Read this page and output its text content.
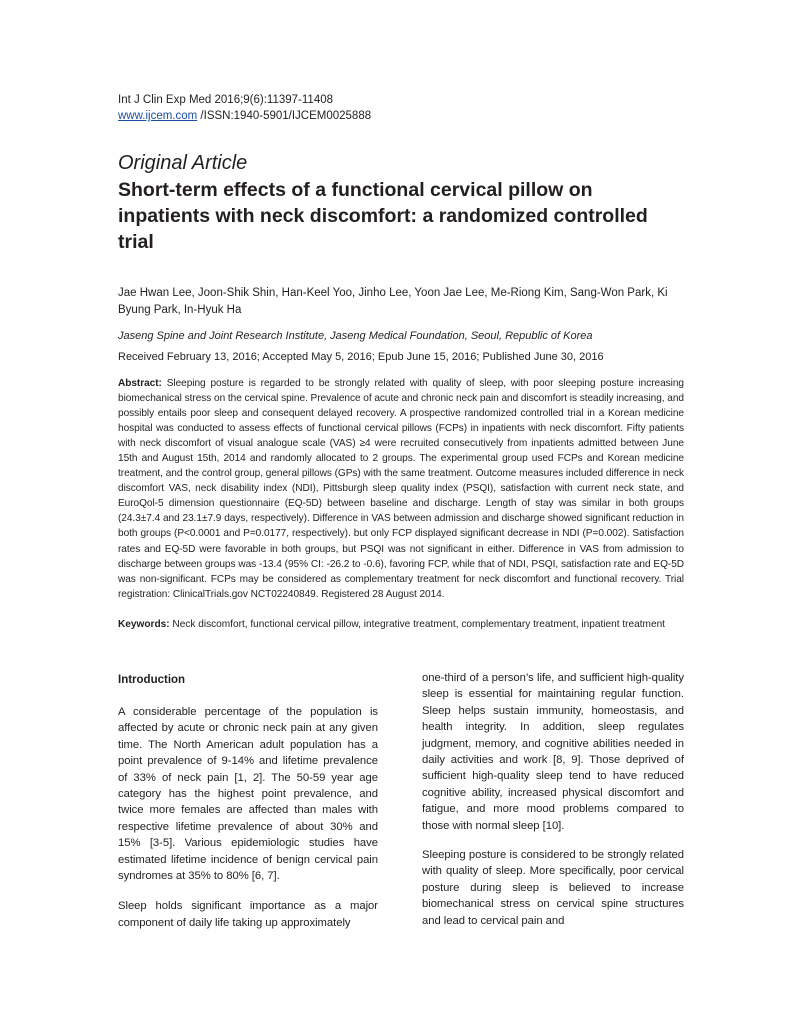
Int J Clin Exp Med 2016;9(6):11397-11408
www.ijcem.com /ISSN:1940-5901/IJCEM0025888
Original Article
Short-term effects of a functional cervical pillow on inpatients with neck discomfort: a randomized controlled trial
Jae Hwan Lee, Joon-Shik Shin, Han-Keel Yoo, Jinho Lee, Yoon Jae Lee, Me-Riong Kim, Sang-Won Park, Ki Byung Park, In-Hyuk Ha
Jaseng Spine and Joint Research Institute, Jaseng Medical Foundation, Seoul, Republic of Korea
Received February 13, 2016; Accepted May 5, 2016; Epub June 15, 2016; Published June 30, 2016
Abstract: Sleeping posture is regarded to be strongly related with quality of sleep, with poor sleeping posture increasing biomechanical stress on the cervical spine. Prevalence of acute and chronic neck pain and discomfort is steadily increasing, and possibly entails poor sleep and consequent delayed recovery. A prospective randomized controlled trial in a Korean medicine hospital was conducted to assess effects of functional cervical pillows (FCPs) in inpatients with neck discomfort. Fifty patients with neck discomfort of visual analogue scale (VAS) ≥4 were recruited consecutively from inpatients admitted between June 15th and August 15th, 2014 and randomly allocated to 2 groups. The experimental group used FCPs and Korean medicine treatment, and the control group, general pillows (GPs) with the same treatment. Outcome measures included difference in neck discomfort VAS, neck disability index (NDI), Pittsburgh sleep quality index (PSQI), satisfaction with current neck state, and EuroQol-5 dimension questionnaire (EQ-5D) between baseline and discharge. Length of stay was similar in both groups (24.3±7.4 and 23.1±7.9 days, respectively). Difference in VAS between admission and discharge showed significant reduction in both groups (P<0.0001 and P=0.0177, respectively). but only FCP displayed significant decrease in NDI (P=0.002). Satisfaction rates and EQ-5D were favorable in both groups, but PSQI was not significant in either. Difference in VAS from admission to discharge between groups was -13.4 (95% CI: -26.2 to -0.6), favoring FCP, while that of NDI, PSQI, satisfaction rate and EQ-5D was non-significant. FCPs may be considered as complementary treatment for neck discomfort and functional recovery. Trial registration: ClinicalTrials.gov NCT02240849. Registered 28 August 2014.
Keywords: Neck discomfort, functional cervical pillow, integrative treatment, complementary treatment, inpatient treatment
Introduction

A considerable percentage of the population is affected by acute or chronic neck pain at any given time. The North American adult population has a point prevalence of 9-14% and lifetime prevalence of 33% of neck pain [1, 2]. The 50-59 year age category has the highest point prevalence, and twice more females are affected than males with respective lifetime prevalence of about 30% and 15% [3-5]. Various epidemiologic studies have estimated lifetime incidence of benign cervical pain syndromes at 35% to 80% [6, 7].

Sleep holds significant importance as a major component of daily life taking up approximately

one-third of a person’s life, and sufficient high-quality sleep is essential for maintaining regular function. Sleep helps sustain immunity, homeostasis, and health integrity. In addition, sleep regulates judgment, memory, and cognitive abilities needed in daily activities and work [8, 9]. Those deprived of sufficient high-quality sleep tend to have reduced cognitive ability, increased physical discomfort and fatigue, and more mood problems compared to those with normal sleep [10].

Sleeping posture is considered to be strongly related with quality of sleep. More specifically, poor cervical posture during sleep is believed to increase biomechanical stress on cervical spine structures and lead to cervical pain and
